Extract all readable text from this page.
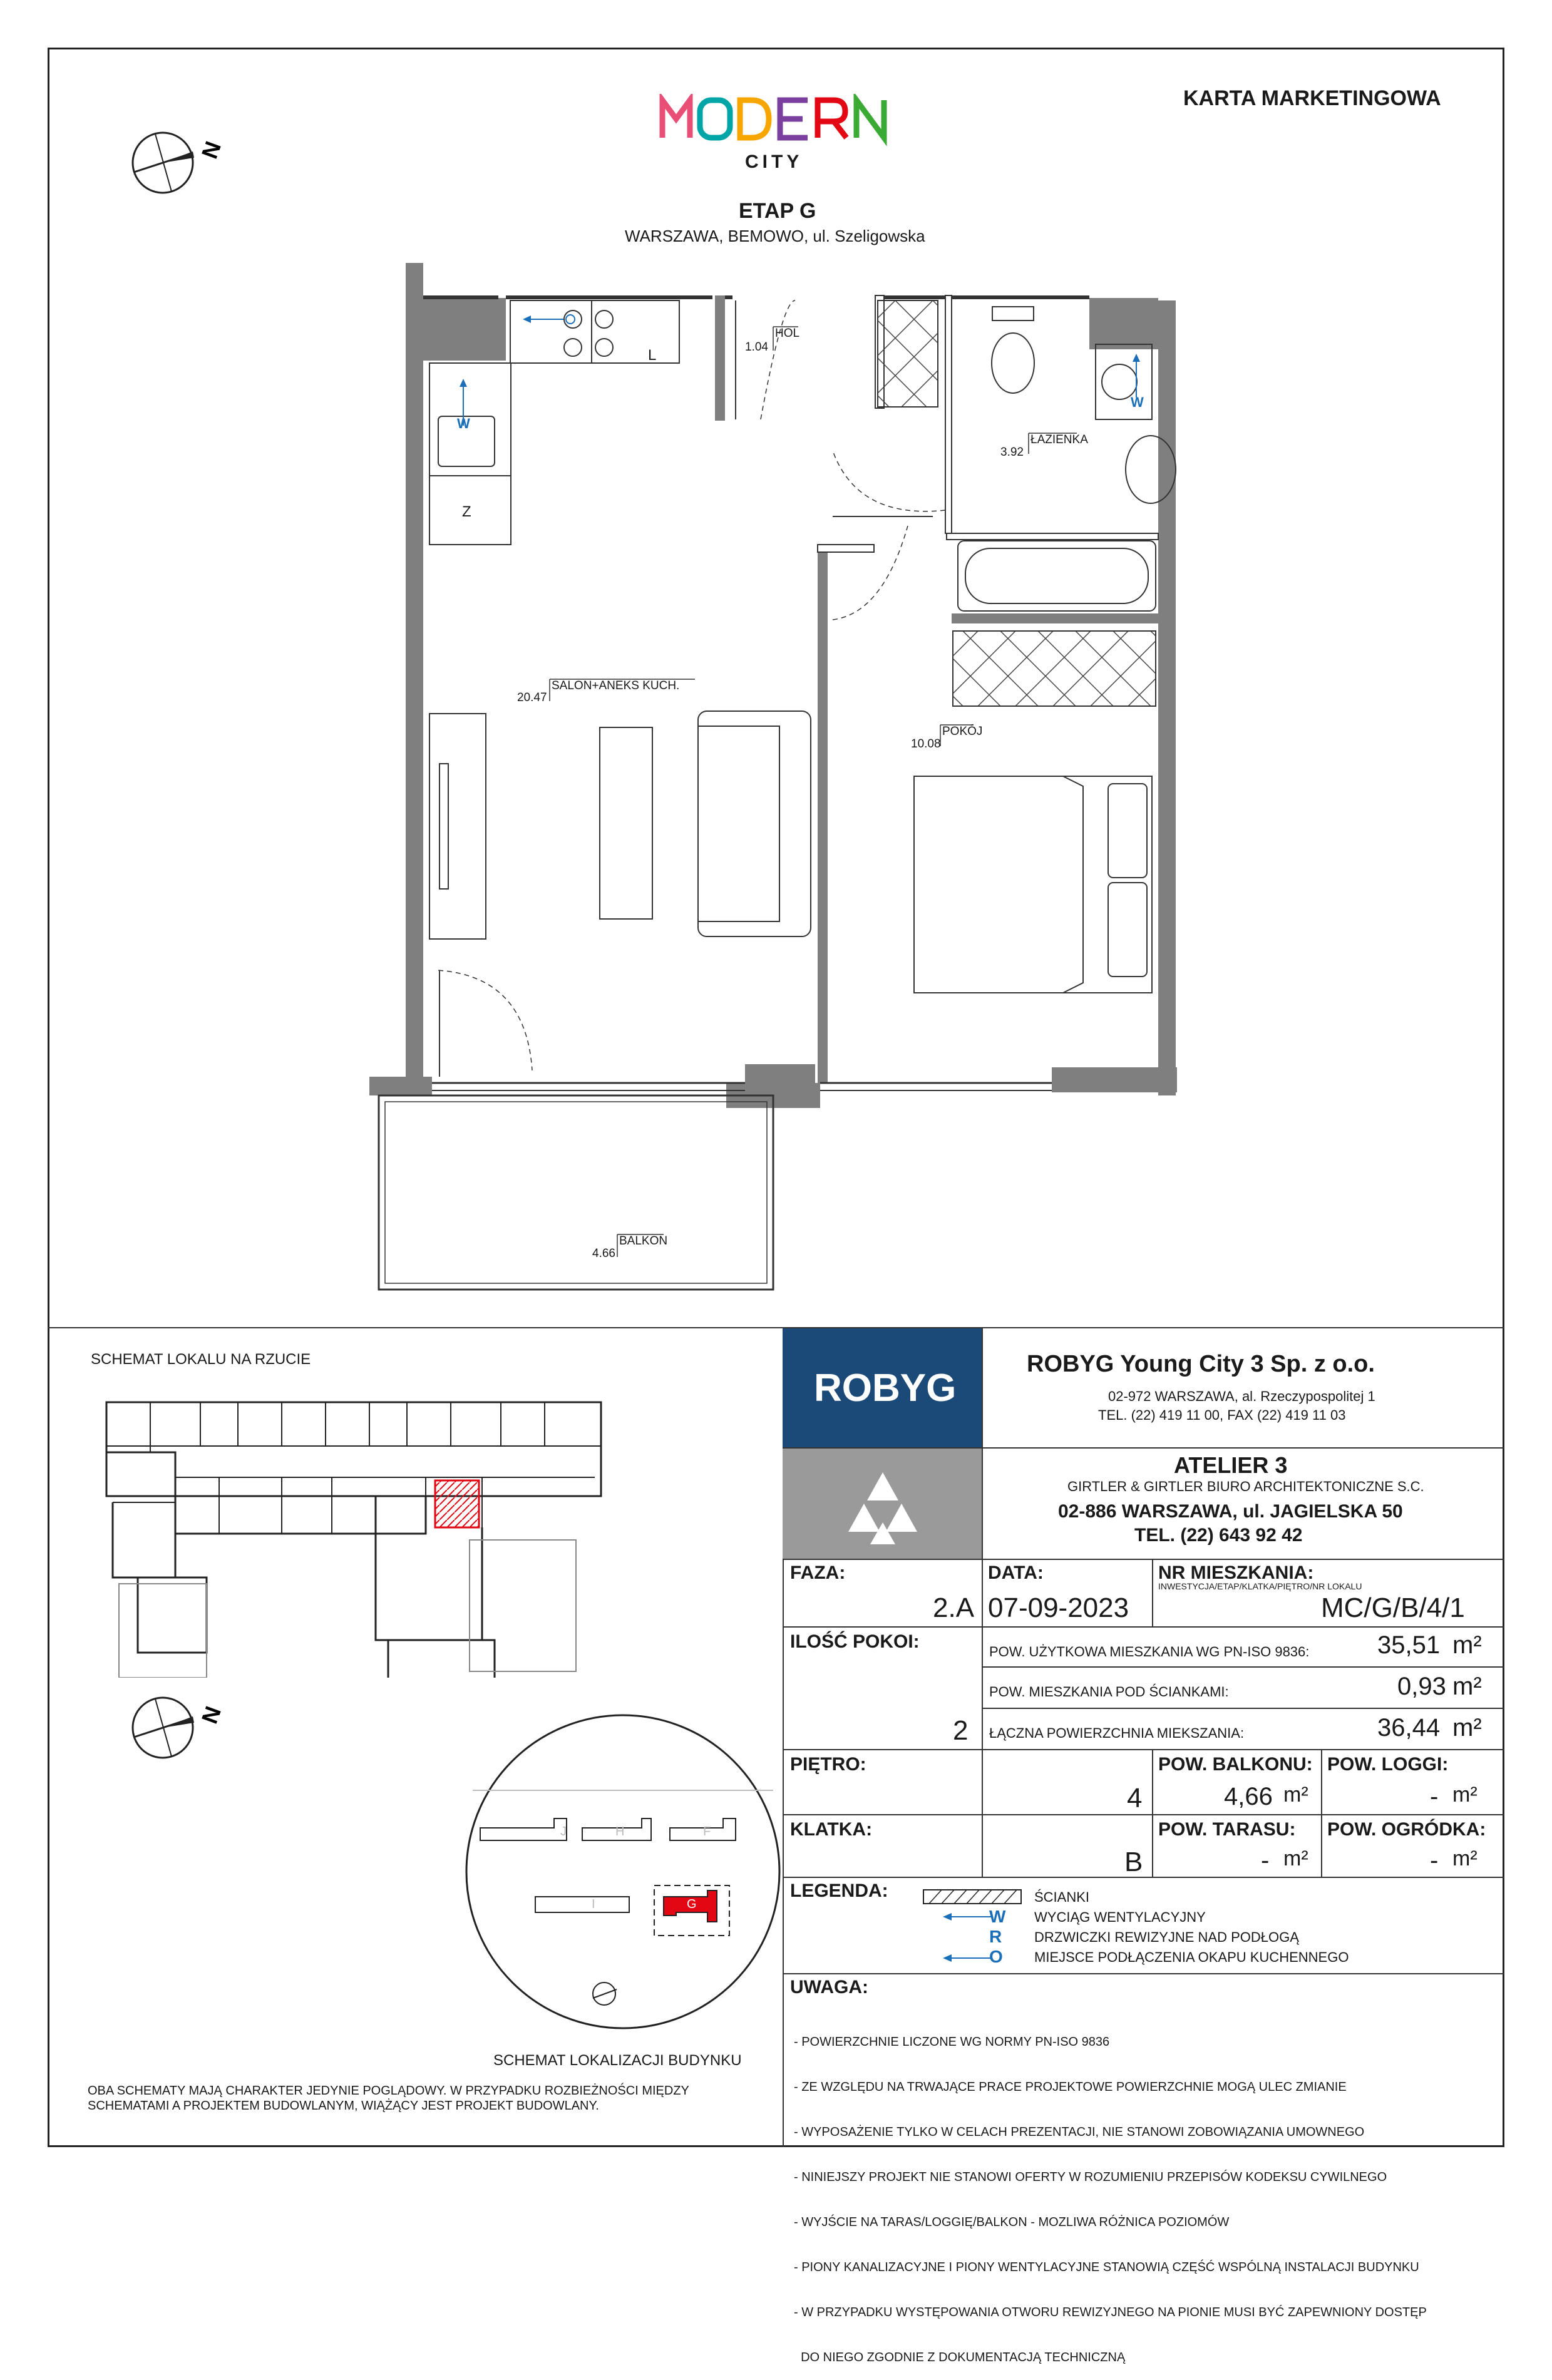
KARTA MARKETINGOWA
CITY
ETAP G
WARSZAWA, BEMOWO, ul. Szeligowska
N
HOL
1.04
ŁAZIENKA
3.92
SALON+ANEKS KUCH.
20.47
POKÓJ
10.08
BALKON
4.66
L
W
Z
W
SCHEMAT LOKALU NA RZUCIE
N
J	H	F
I	G
SCHEMAT LOKALIZACJI BUDYNKU
OBA SCHEMATY MAJĄ CHARAKTER JEDYNIE POGLĄDOWY. W PRZYPADKU ROZBIEŻNOŚCI MIĘDZY SCHEMATAMI A PROJEKTEM BUDOWLANYM, WIĄŻĄCY JEST PROJEKT BUDOWLANY.
ROBYG
ROBYG Young City 3 Sp. z o.o.
02-972 WARSZAWA, al. Rzeczypospolitej 1
TEL. (22) 419 11 00, FAX (22) 419 11 03
ATELIER 3
GIRTLER & GIRTLER BIURO ARCHITEKTONICZNE S.C.
02-886 WARSZAWA, ul. JAGIELSKA 50
TEL. (22) 643 92 42
FAZA:
2.A
DATA:
07-09-2023
NR MIESZKANIA:
INWESTYCJA/ETAP/KLATKA/PIĘTRO/NR LOKALU
MC/G/B/4/1
ILOŚĆ POKOI:
2
POW. UŻYTKOWA MIESZKANIA WG PN-ISO 9836:	35,51 m²
POW. MIESZKANIA POD ŚCIANKAMI:	0,93 m²
ŁĄCZNA POWIERZCHNIA MIEKSZANIA:	36,44 m²
PIĘTRO:
4
POW. BALKONU:
4,66 m²
POW. LOGGI:
- m²
KLATKA:
B
POW. TARASU:
- m²
POW. OGRÓDKA:
- m²
LEGENDA:	ŚCIANKI
W WYCIĄG WENTYLACYJNY
R DRZWICZKI REWIZYJNE NAD PODŁOGĄ
O MIEJSCE PODŁĄCZENIA OKAPU KUCHENNEGO
UWAGA:

- POWIERZCHNIE LICZONE WG NORMY PN-ISO 9836

- ZE WZGLĘDU NA TRWAJĄCE PRACE PROJEKTOWE POWIERZCHNIE MOGĄ ULEC ZMIANIE

- WYPOSAŻENIE TYLKO W CELACH PREZENTACJI, NIE STANOWI ZOBOWIĄZANIA UMOWNEGO

- NINIEJSZY PROJEKT NIE STANOWI OFERTY W ROZUMIENIU PRZEPISÓW KODEKSU CYWILNEGO

- WYJŚCIE NA TARAS/LOGGIĘ/BALKON - MOZLIWA RÓŻNICA POZIOMÓW

- PIONY KANALIZACYJNE I PIONY WENTYLACYJNE STANOWIĄ CZĘŚĆ WSPÓLNĄ INSTALACJI BUDYNKU

- W PRZYPADKU WYSTĘPOWANIA OTWORU REWIZYJNEGO NA PIONIE MUSI BYĆ ZAPEWNIONY DOSTĘP

DO NIEGO ZGODNIE Z DOKUMENTACJĄ TECHNICZNĄ
